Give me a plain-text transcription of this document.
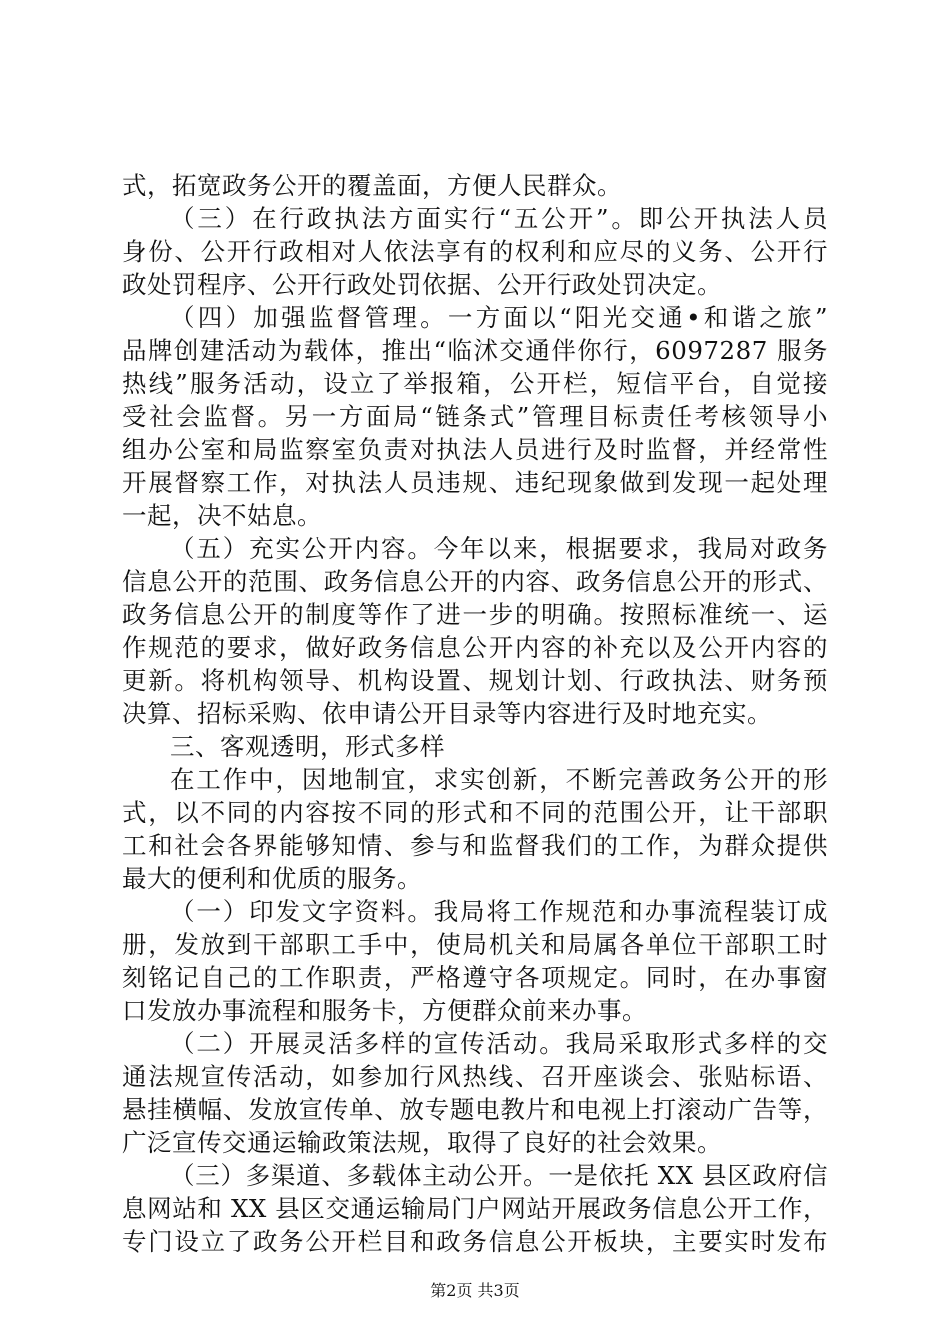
式，拓宽政务公开的覆盖面，方便人民群众。
（三）在行政执法方面实行“五公开”。即公开执法人员
身份、公开行政相对人依法享有的权利和应尽的义务、公开行
政处罚程序、公开行政处罚依据、公开行政处罚决定。
（四）加强监督管理。一方面以“阳光交通•和谐之旅”
品牌创建活动为载体，推出“临沭交通伴你行，6097287 服务
热线”服务活动，设立了举报箱，公开栏，短信平台，自觉接
受社会监督。另一方面局“链条式”管理目标责任考核领导小
组办公室和局监察室负责对执法人员进行及时监督，并经常性
开展督察工作，对执法人员违规、违纪现象做到发现一起处理
一起，决不姑息。
（五）充实公开内容。今年以来，根据要求，我局对政务
信息公开的范围、政务信息公开的内容、政务信息公开的形式、
政务信息公开的制度等作了进一步的明确。按照标准统一、运
作规范的要求，做好政务信息公开内容的补充以及公开内容的
更新。将机构领导、机构设置、规划计划、行政执法、财务预
决算、招标采购、依申请公开目录等内容进行及时地充实。
三、客观透明，形式多样
在工作中，因地制宜，求实创新，不断完善政务公开的形
式，以不同的内容按不同的形式和不同的范围公开，让干部职
工和社会各界能够知情、参与和监督我们的工作，为群众提供
最大的便利和优质的服务。
（一）印发文字资料。我局将工作规范和办事流程装订成
册，发放到干部职工手中，使局机关和局属各单位干部职工时
刻铭记自己的工作职责，严格遵守各项规定。同时，在办事窗
口发放办事流程和服务卡，方便群众前来办事。
（二）开展灵活多样的宣传活动。我局采取形式多样的交
通法规宣传活动，如参加行风热线、召开座谈会、张贴标语、
悬挂横幅、发放宣传单、放专题电教片和电视上打滚动广告等，
广泛宣传交通运输政策法规，取得了良好的社会效果。
（三）多渠道、多载体主动公开。一是依托 XX 县区政府信
息网站和 XX 县区交通运输局门户网站开展政务信息公开工作，
专门设立了政务公开栏目和政务信息公开板块，主要实时发布
第2页 共3页
